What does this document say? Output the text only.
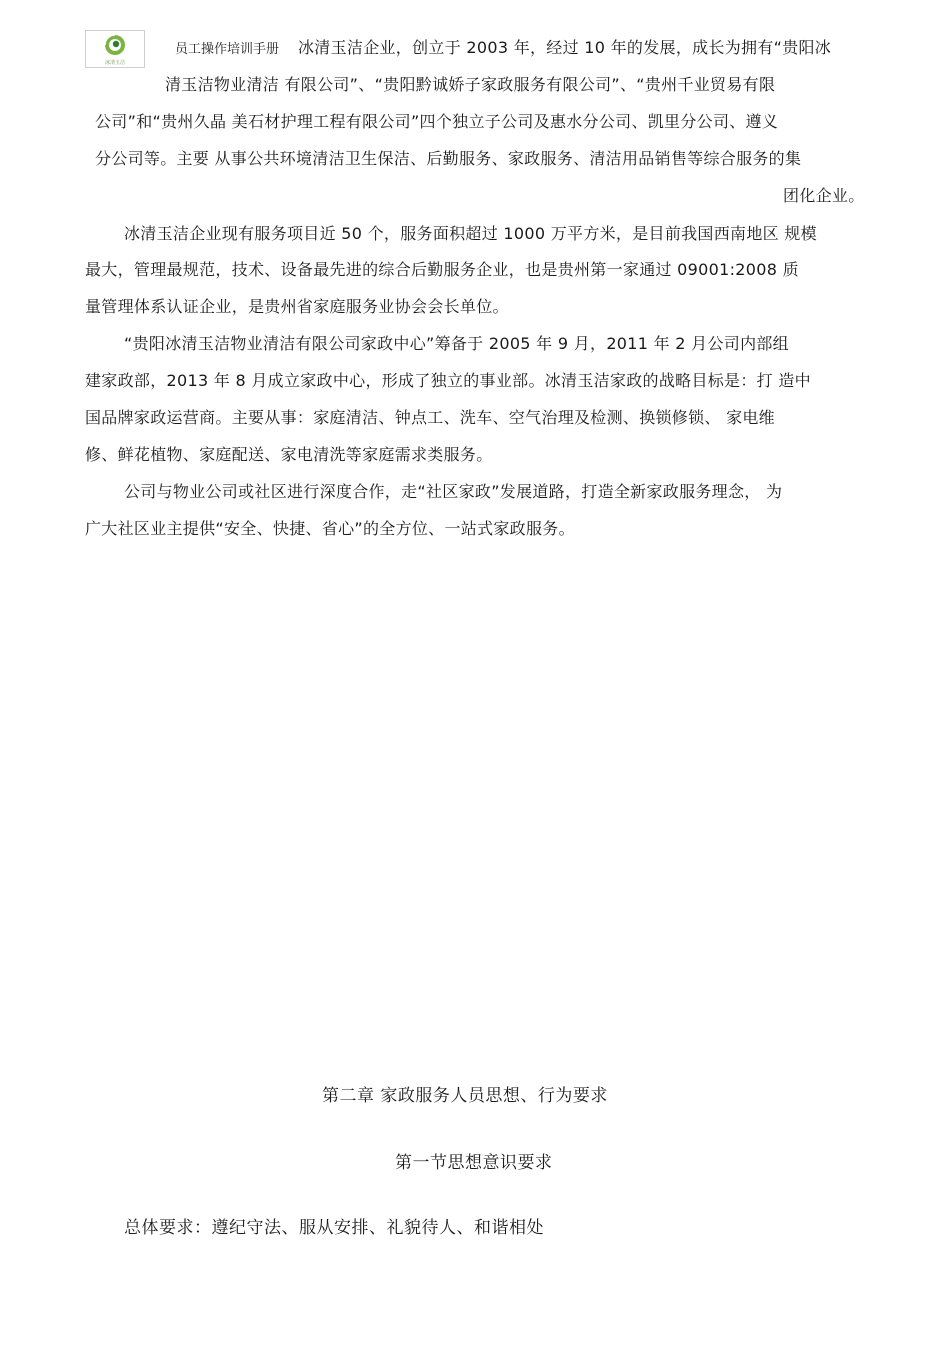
冰清玉洁
员工操作培训手册 冰清玉洁企业，创立于 2003 年，经过 10 年的发展，成长为拥有“贵阳冰
清玉洁物业清洁 有限公司”、“贵阳黔诚娇子家政服务有限公司”、“贵州千业贸易有限
公司”和“贵州久晶 美石材护理工程有限公司”四个独立子公司及惠水分公司、凯里分公司、遵义
分公司等。主要 从事公共环境清洁卫生保洁、后勤服务、家政服务、清洁用品销售等综合服务的集
团化企业。
冰清玉洁企业现有服务项目近 50 个，服务面积超过 1000 万平方米，是目前我国西南地区 规模
最大，管理最规范，技术、设备最先进的综合后勤服务企业，也是贵州第一家通过 09001:2008 质
量管理体系认证企业，是贵州省家庭服务业协会会长单位。
“贵阳冰清玉洁物业清洁有限公司家政中心”筹备于 2005 年 9 月，2011 年 2 月公司内部组
建家政部，2013 年 8 月成立家政中心，形成了独立的事业部。冰清玉洁家政的战略目标是：打 造中
国品牌家政运营商。主要从事：家庭清洁、钟点工、洗车、空气治理及检测、换锁修锁、 家电维
修、鲜花植物、家庭配送、家电清洗等家庭需求类服务。
公司与物业公司或社区进行深度合作，走“社区家政”发展道路，打造全新家政服务理念， 为
广大社区业主提供“安全、快捷、省心”的全方位、一站式家政服务。
第二章 家政服务人员思想、行为要求
第一节思想意识要求
总体要求：遵纪守法、服从安排、礼貌待人、和谐相处
